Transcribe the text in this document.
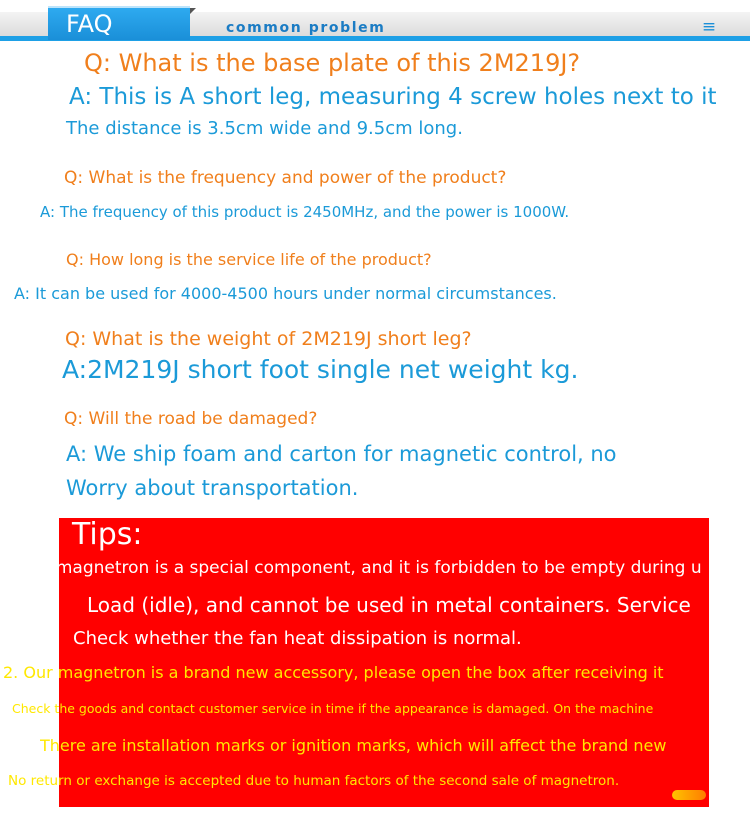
FAQ	common problem	≡
Q: What is the base plate of this 2M219J?
A: This is A short leg, measuring 4 screw holes next to it
The distance is 3.5cm wide and 9.5cm long.
Q: What is the frequency and power of the product?
A: The frequency of this product is 2450MHz, and the power is 1000W.
Q: How long is the service life of the product?
A: It can be used for 4000-4500 hours under normal circumstances.
Q: What is the weight of 2M219J short leg?
A:2M219J short foot single net weight kg.
Q: Will the road be damaged?
A: We ship foam and carton for magnetic control, no
Worry about transportation.
Tips:
e magnetron is a special component, and it is forbidden to be empty during u
Load (idle), and cannot be used in metal containers. Service
Check whether the fan heat dissipation is normal.
2. Our magnetron is a brand new accessory, please open the box after receiving it
Check the goods and contact customer service in time if the appearance is damaged. On the machine
There are installation marks or ignition marks, which will affect the brand new
No return or exchange is accepted due to human factors of the second sale of magnetron.
